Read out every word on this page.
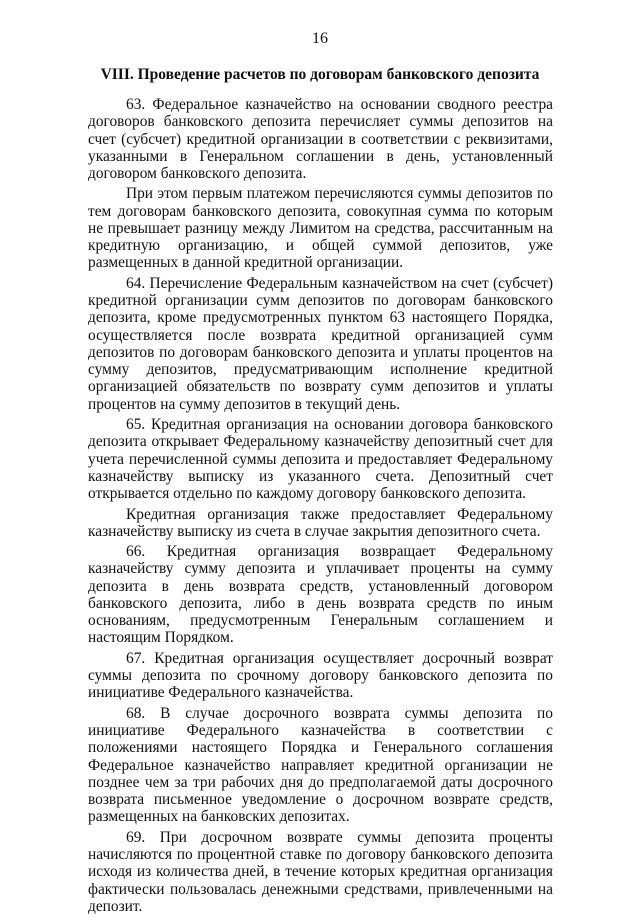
16
VIII. Проведение расчетов по договорам банковского депозита

63. Федеральное казначейство на основании сводного реестра договоров банковского депозита перечисляет суммы депозитов на счет (субсчет) кредитной организации в соответствии с реквизитами, указанными в Генеральном соглашении в день, установленный договором банковского депозита.

При этом первым платежом перечисляются суммы депозитов по тем договорам банковского депозита, совокупная сумма по которым не превышает разницу между Лимитом на средства, рассчитанным на кредитную организацию, и общей суммой депозитов, уже размещенных в данной кредитной организации.

64. Перечисление Федеральным казначейством на счет (субсчет) кредитной организации сумм депозитов по договорам банковского депозита, кроме предусмотренных пунктом 63 настоящего Порядка, осуществляется после возврата кредитной организацией сумм депозитов по договорам банковского депозита и уплаты процентов на сумму депозитов, предусматривающим исполнение кредитной организацией обязательств по возврату сумм депозитов и уплаты процентов на сумму депозитов в текущий день.

65. Кредитная организация на основании договора банковского депозита открывает Федеральному казначейству депозитный счет для учета перечисленной суммы депозита и предоставляет Федеральному казначейству выписку из указанного счета. Депозитный счет открывается отдельно по каждому договору банковского депозита.

Кредитная организация также предоставляет Федеральному казначейству выписку из счета в случае закрытия депозитного счета.

66. Кредитная организация возвращает Федеральному казначейству сумму депозита и уплачивает проценты на сумму депозита в день возврата средств, установленный договором банковского депозита, либо в день возврата средств по иным основаниям, предусмотренным Генеральным соглашением и настоящим Порядком.

67. Кредитная организация осуществляет досрочный возврат суммы депозита по срочному договору банковского депозита по инициативе Федерального казначейства.

68. В случае досрочного возврата суммы депозита по инициативе Федерального казначейства в соответствии с положениями настоящего Порядка и Генерального соглашения Федеральное казначейство направляет кредитной организации не позднее чем за три рабочих дня до предполагаемой даты досрочного возврата письменное уведомление о досрочном возврате средств, размещенных на банковских депозитах.

69. При досрочном возврате суммы депозита проценты начисляются по процентной ставке по договору банковского депозита исходя из количества дней, в течение которых кредитная организация фактически пользовалась денежными средствами, привлеченными на депозит.
